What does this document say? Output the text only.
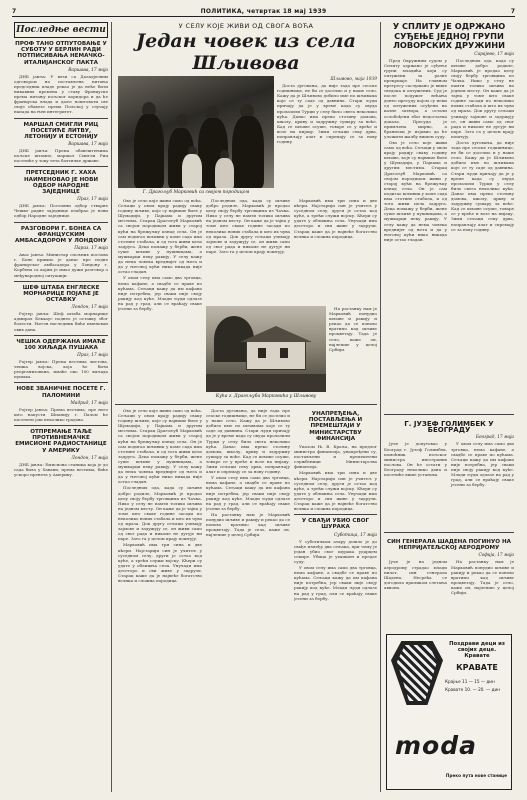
7	ПОЛИТИКА, четвртак 18 мај 1939	7
Последње вести
ПРОФ ТАНО ОТПУТОВАЊЕ У СУБОТУ У БЕРЛИН РАДИ ПОТПИСИВАЊА НЕМАЧКО-ИТАЛИЈАНСКОГ ПАКТА
Варшава, 17 маја

ДНБ јавља: У вези са Даладјеовим одговором на постављена питања председник владе рекао је да неће бити никаквих промена у ставу Француске према питању пољског коридора и да ће француска влада и даље поштовати све своје обавезе према Пољској у случају напада на њен интегритет.

МАРШАЛ СМИГЛИ РИЦ ПОСЕТИЋЕ ЛИТВУ, ЛЕТОНИЈУ И ЕСТОНИЈУ
Варшава, 17 маја

ДНБ јавља: Према обавештењима пољске штампе, маршал Смигли Риц посетиће у току лета балтичке државе.

ПРЕТСЕДНИК Г. ХАХА НАИМЕНОВАО ЈЕ НОВИ ОДБОР НАРОДНЕ ЗАЈЕДНИЦЕ
Праг, 17 маја

ДНБ јавља: Пословни одбор стварне Чешке радне заједнице изабрао је нови одбор Народне заједнице.

РАЗГОВОРИ Г. БОНЕА СА ФРАНЦУСКИМ АМБАСАДОРОМ У ЛОНДОНУ
Париз, 17 маја

Авас јавља: Министар спољних послова г. Боне примио је данас пре подне француског амбасадора у Лондону г. Корбена са којим је имао дужи разговор о међународној ситуацији.

ШЕФ ШТАБА ЕНГЛЕСКЕ МОРНАРИЦЕ ПОЈАЋЕ ЈЕ ОСТАВКУ
Лондон, 17 маја

Ројтер јавља: Шеф штаба морнарице адмирал Бекхаус поднео је оставку због болести. Његов наследник биће именован ових дана.

ЧЕШКА ОДЕРЖАНА ИМАЋЕ 100 ХИЉАДА ПУШАКА
Праг, 17 маја

Ројтер јавља: Према вестима листова, чешка војска, која ће бити реорганизована, имаће око 100 хиљада пушака.

НОВЕ ЗВАНИЧНЕ ПОСЕТЕ Г. ПАЛОМИНИ
Мадрид, 17 маја

Ројтер јавља: Према вестима, пре него што напусти Шпанију г. Палом ће посетити још неколико градова.

ОТПРЕМАЊЕ ТАЉЕ ПРОТИВНЕМАЧКЕ ЕМИСИОНЕ РАДИОСТАНИЦЕ У АМЕРИКУ
Лондон, 17 маја

ДНБ јавља: Емисиона станица која је до сада била у Хавани, према вестима, биће ускоро пренета у Америку.

У СЕЛУ КОЈЕ ЖИВИ ОД СВОГА ВОЋА
Један човек из села Шљивова
Г. Драгољуб Марковић са својом породицом
Шљивово, маја 1939

Доста дуговања, да није тада пре сеоске годишњице, не би се доселио и у наше село. Кажу да је Шљивово добило име по шљивама које се ту саде од давнина. Стари људи причају да је у време када су овуда пролазили Турци у селу било свега неколико кућа. Данас има преко стотину домова, школу, цркву и задружну сушару за воће. Кад се шљиве осуше, товаре се у вреће и возе на пијацу. Зими сељаци секу дрва, поправљају алат и спремају се за нову годину.

Ово је село које живи само од воћа. Сељаци у овом крају радију сваку годину шљиве, које су највише биле у Шумадији, у Пајкама и другим местима. Старац Драгољуб Марковић са својом породицом живи у старој кући на брежуљку изнад села. Он је сам подигао шљивик у коме сада има стотине стабала, и од тога живи цела задруга. Деца помажу у берби, жене суше шљиве у пушницама, а мушкарци пеку ракију. У селу кажу да нема човека вреднијег од њега и да у његовој кући нико никада није остао гладан.

У овом селу има само два трговца, нема кафане, а свадбе се праве по кућама. Сељаци кажу да им кафана није потребна, јер сваки пије своју ракију код куће. Млади људи одлазе на рад у град, али се враћају сваке јесени за бербу.

Последњих ода, када су шљиве добро родиле, Марковић је продао целу своју бербу трговцима из Чачка. Нико у селу не памти толико шљива на једном месту. Он каже да је тајна у томе што сваке године засади по неколико нових стабала и што их чува од мраза. Док другу сељаци узимају зајмове и задужују се, он живи само од свог рада и никоме не дугује ни паре. Зато га у целом крају поштују.

Марковић има три сина и две кћери. Најстарији син је учитељ у суседном селу, други је остао код куће, а трећи служи војску. Кћери су удате у оближња села. Унучади има десеторо и сви живе у задрузи. Старац каже да је највеће богатство велика и сложна породица.

Кућа г. Драгољуба Марковића у Шљивову

На растанку нам је Марковић понудио шљиве и ракију и рекао да се поново вратимо кад шљиве процветају. Тада је село, каже он, најлепше у целој Србији.

Ово је село које живи само од воћа. Сељаци у овом крају радију сваку годину шљиве, које су највише биле у Шумадији, у Пајкама и другим местима. Старац Драгољуб Марковић са својом породицом живи у старој кући на брежуљку изнад села. Он је сам подигао шљивик у коме сада има стотине стабала, и од тога живи цела задруга. Деца помажу у берби, жене суше шљиве у пушницама, а мушкарци пеку ракију. У селу кажу да нема човека вреднијег од њега и да у његовој кући нико никада није остао гладан.

Последњих ода, када су шљиве добро родиле, Марковић је продао целу своју бербу трговцима из Чачка. Нико у селу не памти толико шљива на једном месту. Он каже да је тајна у томе што сваке године засади по неколико нових стабала и што их чува од мраза. Док другу сељаци узимају зајмове и задужују се, он живи само од свог рада и никоме не дугује ни паре. Зато га у целом крају поштују.

Марковић има три сина и две кћери. Најстарији син је учитељ у суседном селу, други је остао код куће, а трећи служи војску. Кћери су удате у оближња села. Унучади има десеторо и сви живе у задрузи. Старац каже да је највеће богатство велика и сложна породица.

Доста дуговања, да није тада пре сеоске годишњице, не би се доселио и у наше село. Кажу да је Шљивово добило име по шљивама које се ту саде од давнина. Стари људи причају да је у време када су овуда пролазили Турци у селу било свега неколико кућа. Данас има преко стотину домова, школу, цркву и задружну сушару за воће. Кад се шљиве осуше, товаре се у вреће и возе на пијацу. Зими сељаци секу дрва, поправљају алат и спремају се за нову годину.

У овом селу има само два трговца, нема кафане, а свадбе се праве по кућама. Сељаци кажу да им кафана није потребна, јер сваки пије своју ракију код куће. Млади људи одлазе на рад у град, али се враћају сваке јесени за бербу.

На растанку нам је Марковић понудио шљиве и ракију и рекао да се поново вратимо кад шљиве процветају. Тада је село, каже он, најлепше у целој Србији.

УНАПРЕЂЕЊА, ПОСТАВЉЕЊА И ПРЕМЕШТАЈИ У МИНИСТАРСТВУ ФИНАНСИЈА

Указом Њ. В. Краља, на предлог министра финансија, унапређени су, постављени и премештени службеници Министарства финансија.

Марковић има три сина и две кћери. Најстарији син је учитељ у суседном селу, други је остао код куће, а трећи служи војску. Кћери су удате у оближња села. Унучади има десеторо и сви живе у задрузи. Старац каже да је највеће богатство велика и сложна породица.

У СВАЂИ УБИО СВОГ ШУРАКА
Суботица, 17 маја

У суботичком атару дошло је до свађе између два сељака, при чему је један убио свог шурака ударцем секире. Убица је ухапшен и предат суду.

У овом селу има само два трговца, нема кафане, а свадбе се праве по кућама. Сељаци кажу да им кафана није потребна, јер сваки пије своју ракију код куће. Млади људи одлазе на рад у град, али се враћају сваке јесени за бербу.

У СПЛИТУ ЈЕ ОДРЖАНО СУЂЕЊЕ ЈЕДНОЈ ГРУПИ ЛОВОРСКИХ ДРУЖИНИ
Сарајево, 17 маја

Пред Окружним судом у Сплиту одржано је суђење групи младића који су оптужени за разне прекршаје. На главном претресу саслушано је више сведока и оптужених. Суд је после подужег већања донео пресуду којом су неки од оптужених осуђени на казне затвора, а остали ослобођени због недостатка доказа. Пресуда је примљена мирно, а бранилац је изјавио да ће уложити жалбу вишем суду.

Ово је село које живи само од воћа. Сељаци у овом крају радију сваку годину шљиве, које су највише биле у Шумадији, у Пајкама и другим местима. Старац Драгољуб Марковић са својом породицом живи у старој кући на брежуљку изнад села. Он је сам подигао шљивик у коме сада има стотине стабала, и од тога живи цела задруга. Деца помажу у берби, жене суше шљиве у пушницама, а мушкарци пеку ракију. У селу кажу да нема човека вреднијег од њега и да у његовој кући нико никада није остао гладан.

Последњих ода, када су шљиве добро родиле, Марковић је продао целу своју бербу трговцима из Чачка. Нико у селу не памти толико шљива на једном месту. Он каже да је тајна у томе што сваке године засади по неколико нових стабала и што их чува од мраза. Док другу сељаци узимају зајмове и задужују се, он живи само од свог рада и никоме не дугује ни паре. Зато га у целом крају поштују.

Доста дуговања, да није тада пре сеоске годишњице, не би се доселио и у наше село. Кажу да је Шљивово добило име по шљивама које се ту саде од давнина. Стари људи причају да је у време када су овуда пролазили Турци у селу било свега неколико кућа. Данас има преко стотину домова, школу, цркву и задружну сушару за воће. Кад се шљиве осуше, товаре се у вреће и возе на пијацу. Зими сељаци секу дрва, поправљају алат и спремају се за нову годину.

Г. ЈУЗЕФ ГОЛИМБЕК У БЕОГРАДУ
Београд, 17 маја

Јуче је допутовао у Београд г. Јузеф Голимбек, помоћник пољског министра иностраних послова. Он ће остати у Београду неколико дана и посетиће више установа.

У овом селу има само два трговца, нема кафане, а свадбе се праве по кућама. Сељаци кажу да им кафана није потребна, јер сваки пије своју ракију код куће. Млади људи одлазе на рад у град, али се враћају сваке јесени за бербу.

СИН ГЕНЕРАЛА ШАДЕНА ПОГИНУО НА НЕПРИЈАТЕЉСКОЈ АЕРОДРОМУ
Софија, 17 маја

Јуче је на једном аеродрому страдао млади пилот, син генерала Шадена. Несрећа се догодила приликом слетања авиона.

На растанку нам је Марковић понудио шљиве и ракију и рекао да се поново вратимо кад шљиве процветају. Тада је село, каже он, најлепше у целој Србији.

Поздрави деци из својих деце. Кравате
КРАВАТЕ
Крајње 11 — 15 — дин
Кравате 10. — 20. — дин
moda
Преко пута нове станице
